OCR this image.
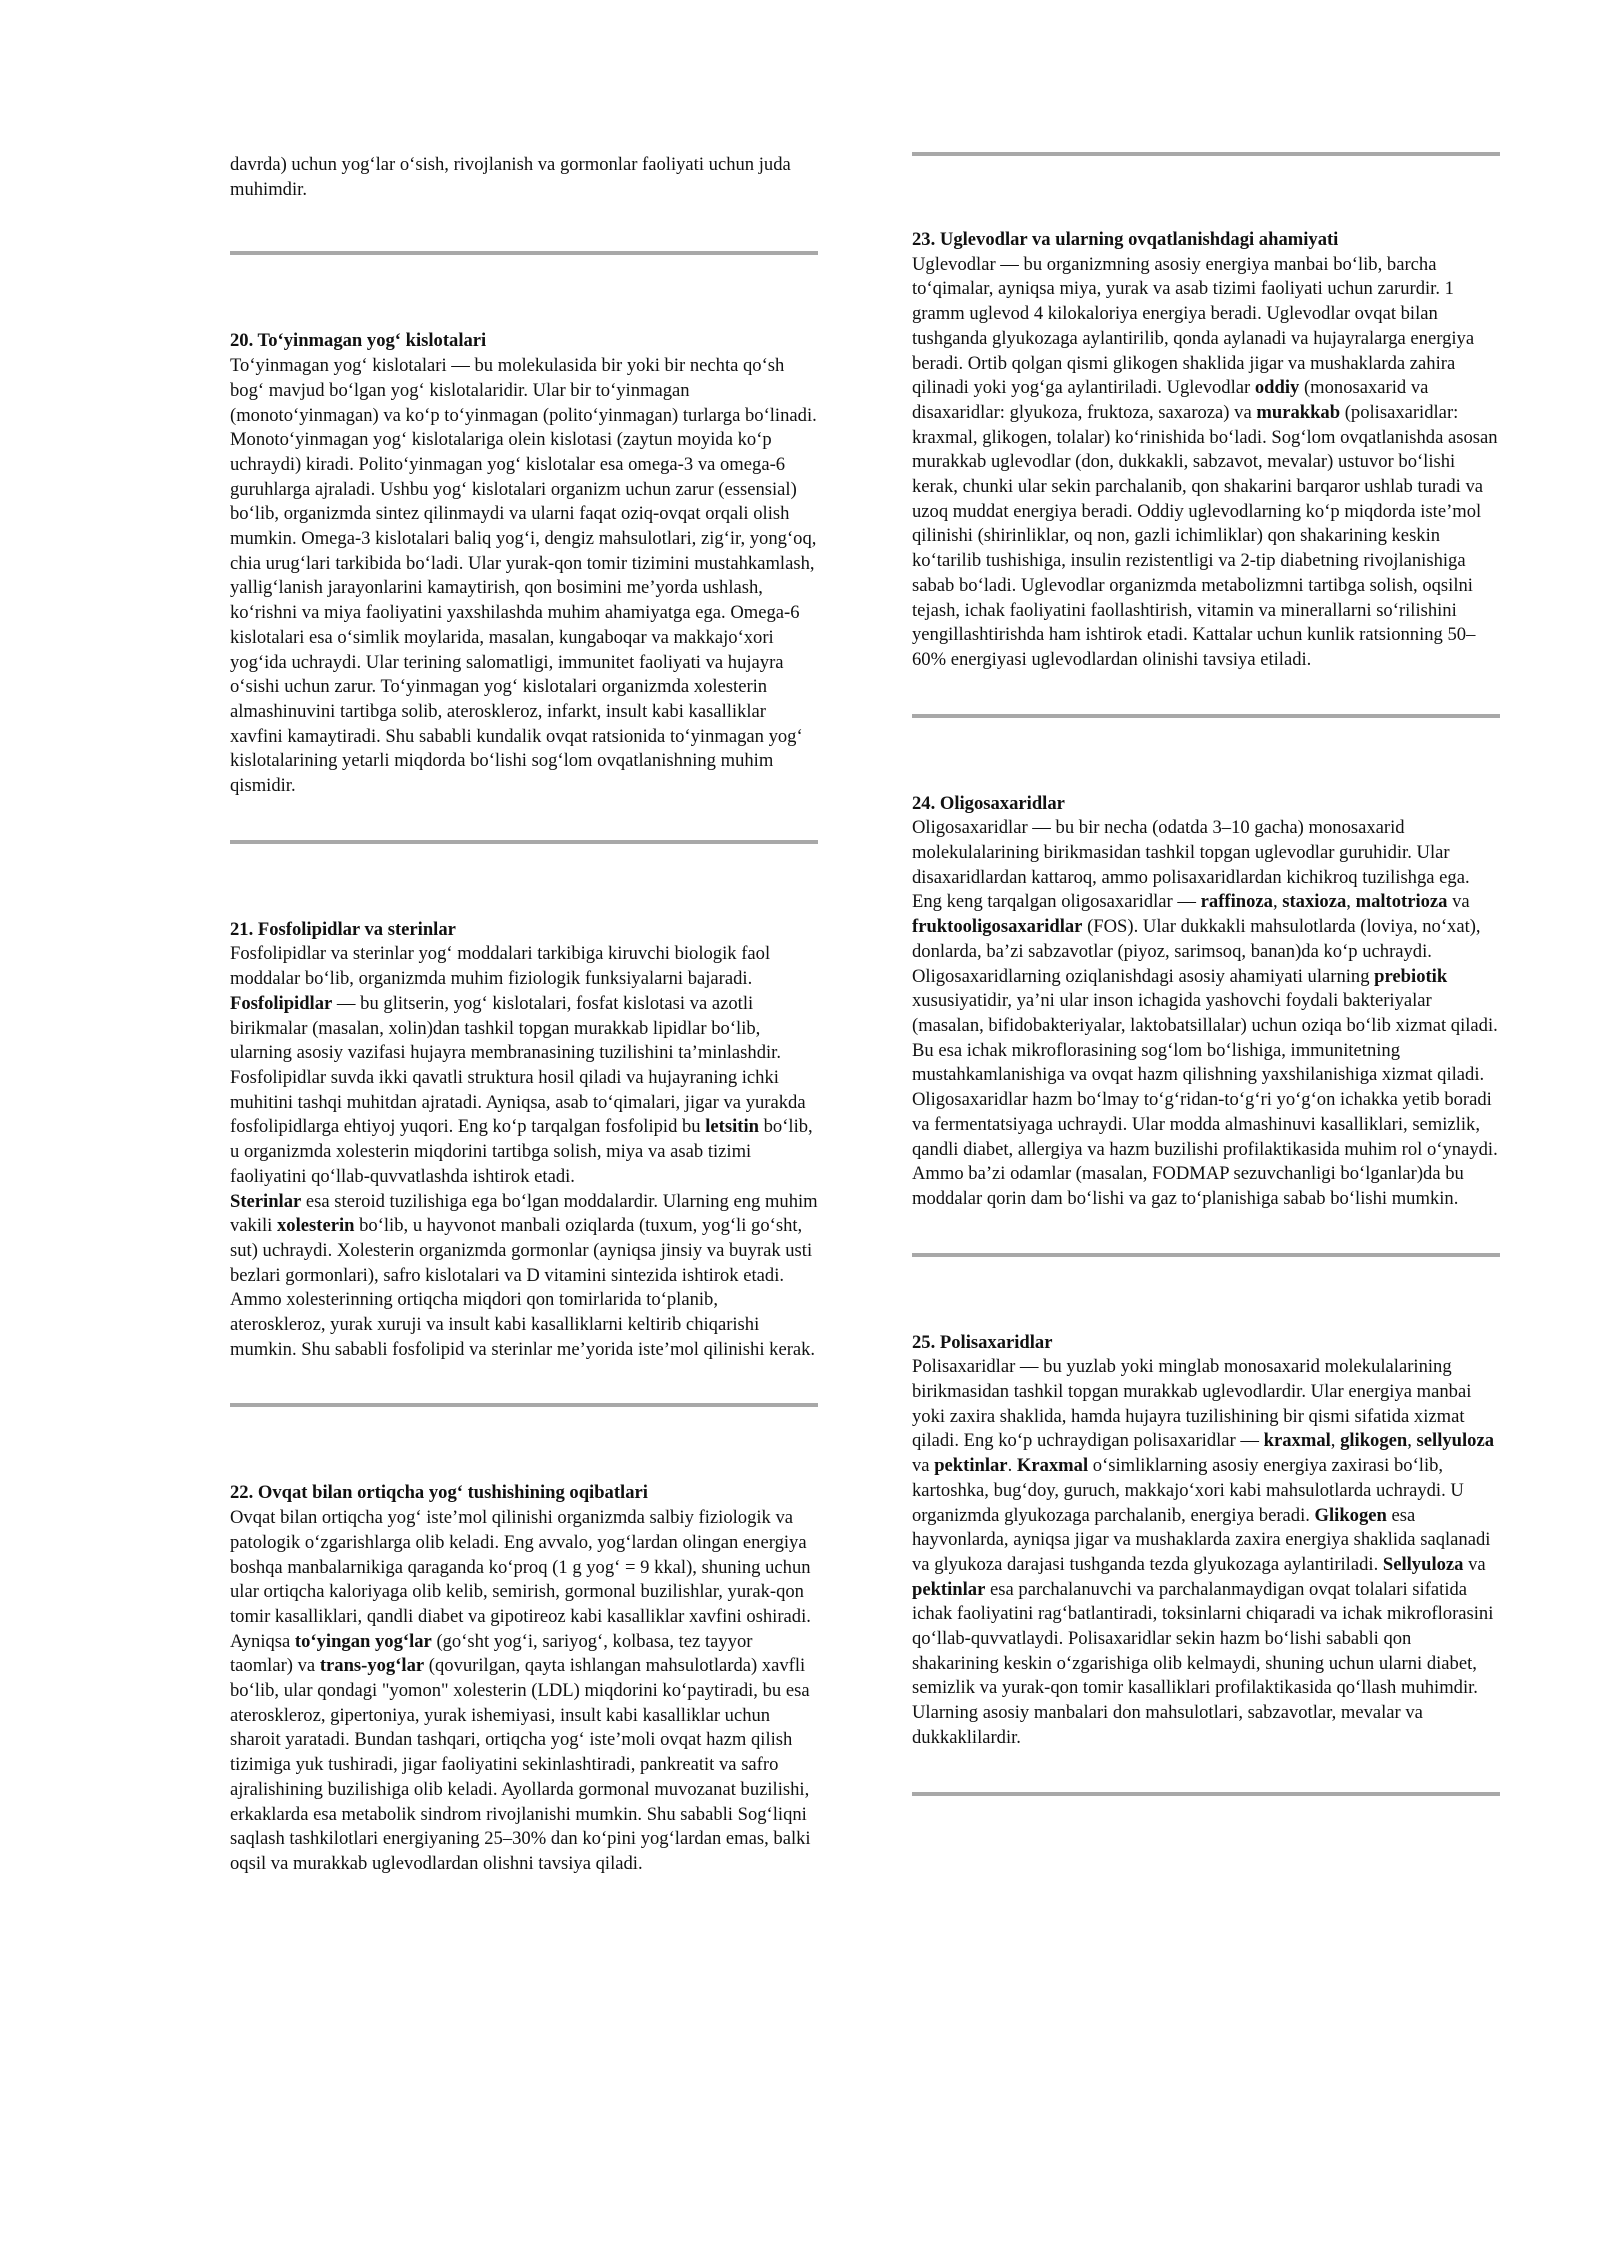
davrda) uchun yog‘lar o‘sish, rivojlanish va gormonlar faoliyati uchun juda muhimdir.

20. To‘yinmagan yog‘ kislotalari

To‘yinmagan yog‘ kislotalari — bu molekulasida bir yoki bir nechta qo‘sh bog‘ mavjud bo‘lgan yog‘ kislotalaridir. Ular bir to‘yinmagan (monoto‘yinmagan) va ko‘p to‘yinmagan (polito‘yinmagan) turlarga bo‘linadi. Monoto‘yinmagan yog‘ kislotalariga olein kislotasi (zaytun moyida ko‘p uchraydi) kiradi. Polito‘yinmagan yog‘ kislotalar esa omega-3 va omega-6 guruhlarga ajraladi. Ushbu yog‘ kislotalari organizm uchun zarur (essensial) bo‘lib, organizmda sintez qilinmaydi va ularni faqat oziq-ovqat orqali olish mumkin. Omega-3 kislotalari baliq yog‘i, dengiz mahsulotlari, zig‘ir, yong‘oq, chia urug‘lari tarkibida bo‘ladi. Ular yurak-qon tomir tizimini mustahkamlash, yallig‘lanish jarayonlarini kamaytirish, qon bosimini me’yorda ushlash, ko‘rishni va miya faoliyatini yaxshilashda muhim ahamiyatga ega. Omega-6 kislotalari esa o‘simlik moylarida, masalan, kungaboqar va makkajo‘xori yog‘ida uchraydi. Ular terining salomatligi, immunitet faoliyati va hujayra o‘sishi uchun zarur. To‘yinmagan yog‘ kislotalari organizmda xolesterin almashinuvini tartibga solib, ateroskleroz, infarkt, insult kabi kasalliklar xavfini kamaytiradi. Shu sababli kundalik ovqat ratsionida to‘yinmagan yog‘ kislotalarining yetarli miqdorda bo‘lishi sog‘lom ovqatlanishning muhim qismidir.

21. Fosfolipidlar va sterinlar

Fosfolipidlar va sterinlar yog‘ moddalari tarkibiga kiruvchi biologik faol moddalar bo‘lib, organizmda muhim fiziologik funksiyalarni bajaradi. Fosfolipidlar — bu glitserin, yog‘ kislotalari, fosfat kislotasi va azotli birikmalar (masalan, xolin)dan tashkil topgan murakkab lipidlar bo‘lib, ularning asosiy vazifasi hujayra membranasining tuzilishini ta’minlashdir. Fosfolipidlar suvda ikki qavatli struktura hosil qiladi va hujayraning ichki muhitini tashqi muhitdan ajratadi. Ayniqsa, asab to‘qimalari, jigar va yurakda fosfolipidlarga ehtiyoj yuqori. Eng ko‘p tarqalgan fosfolipid bu letsitin bo‘lib, u organizmda xolesterin miqdorini tartibga solish, miya va asab tizimi faoliyatini qo‘llab-quvvatlashda ishtirok etadi.

Sterinlar esa steroid tuzilishiga ega bo‘lgan moddalardir. Ularning eng muhim vakili xolesterin bo‘lib, u hayvonot manbali oziqlarda (tuxum, yog‘li go‘sht, sut) uchraydi. Xolesterin organizmda gormonlar (ayniqsa jinsiy va buyrak usti bezlari gormonlari), safro kislotalari va D vitamini sintezida ishtirok etadi. Ammo xolesterinning ortiqcha miqdori qon tomirlarida to‘planib, ateroskleroz, yurak xuruji va insult kabi kasalliklarni keltirib chiqarishi mumkin. Shu sababli fosfolipid va sterinlar me’yorida iste’mol qilinishi kerak.

22. Ovqat bilan ortiqcha yog‘ tushishining oqibatlari

Ovqat bilan ortiqcha yog‘ iste’mol qilinishi organizmda salbiy fiziologik va patologik o‘zgarishlarga olib keladi. Eng avvalo, yog‘lardan olingan energiya boshqa manbalarnikiga qaraganda ko‘proq (1 g yog‘ = 9 kkal), shuning uchun ular ortiqcha kaloriyaga olib kelib, semirish, gormonal buzilishlar, yurak-qon tomir kasalliklari, qandli diabet va gipotireoz kabi kasalliklar xavfini oshiradi. Ayniqsa to‘yingan yog‘lar (go‘sht yog‘i, sariyog‘, kolbasa, tez tayyor taomlar) va trans-yog‘lar (qovurilgan, qayta ishlangan mahsulotlarda) xavfli bo‘lib, ular qondagi "yomon" xolesterin (LDL) miqdorini ko‘paytiradi, bu esa ateroskleroz, gipertoniya, yurak ishemiyasi, insult kabi kasalliklar uchun sharoit yaratadi. Bundan tashqari, ortiqcha yog‘ iste’moli ovqat hazm qilish tizimiga yuk tushiradi, jigar faoliyatini sekinlashtiradi, pankreatit va safro ajralishining buzilishiga olib keladi. Ayollarda gormonal muvozanat buzilishi, erkaklarda esa metabolik sindrom rivojlanishi mumkin. Shu sababli Sog‘liqni saqlash tashkilotlari energiyaning 25–30% dan ko‘pini yog‘lardan emas, balki oqsil va murakkab uglevodlardan olishni tavsiya qiladi.

23. Uglevodlar va ularning ovqatlanishdagi ahamiyati

Uglevodlar — bu organizmning asosiy energiya manbai bo‘lib, barcha to‘qimalar, ayniqsa miya, yurak va asab tizimi faoliyati uchun zarurdir. 1 gramm uglevod 4 kilokaloriya energiya beradi. Uglevodlar ovqat bilan tushganda glyukozaga aylantirilib, qonda aylanadi va hujayralarga energiya beradi. Ortib qolgan qismi glikogen shaklida jigar va mushaklarda zahira qilinadi yoki yog‘ga aylantiriladi. Uglevodlar oddiy (monosaxarid va disaxaridlar: glyukoza, fruktoza, saxaroza) va murakkab (polisaxaridlar: kraxmal, glikogen, tolalar) ko‘rinishida bo‘ladi. Sog‘lom ovqatlanishda asosan murakkab uglevodlar (don, dukkakli, sabzavot, mevalar) ustuvor bo‘lishi kerak, chunki ular sekin parchalanib, qon shakarini barqaror ushlab turadi va uzoq muddat energiya beradi. Oddiy uglevodlarning ko‘p miqdorda iste’mol qilinishi (shirinliklar, oq non, gazli ichimliklar) qon shakarining keskin ko‘tarilib tushishiga, insulin rezistentligi va 2-tip diabetning rivojlanishiga sabab bo‘ladi. Uglevodlar organizmda metabolizmni tartibga solish, oqsilni tejash, ichak faoliyatini faollashtirish, vitamin va minerallarni so‘rilishini yengillashtirishda ham ishtirok etadi. Kattalar uchun kunlik ratsionning 50–60% energiyasi uglevodlardan olinishi tavsiya etiladi.

24. Oligosaxaridlar

Oligosaxaridlar — bu bir necha (odatda 3–10 gacha) monosaxarid molekulalarining birikmasidan tashkil topgan uglevodlar guruhidir. Ular disaxaridlardan kattaroq, ammo polisaxaridlardan kichikroq tuzilishga ega. Eng keng tarqalgan oligosaxaridlar — raffinoza, staxioza, maltotrioza va fruktooligosaxaridlar (FOS). Ular dukkakli mahsulotlarda (loviya, no‘xat), donlarda, ba’zi sabzavotlar (piyoz, sarimsoq, banan)da ko‘p uchraydi. Oligosaxaridlarning oziqlanishdagi asosiy ahamiyati ularning prebiotik xususiyatidir, ya’ni ular inson ichagida yashovchi foydali bakteriyalar (masalan, bifidobakteriyalar, laktobatsillalar) uchun oziqa bo‘lib xizmat qiladi. Bu esa ichak mikroflorasining sog‘lom bo‘lishiga, immunitetning mustahkamlanishiga va ovqat hazm qilishning yaxshilanishiga xizmat qiladi. Oligosaxaridlar hazm bo‘lmay to‘g‘ridan-to‘g‘ri yo‘g‘on ichakka yetib boradi va fermentatsiyaga uchraydi. Ular modda almashinuvi kasalliklari, semizlik, qandli diabet, allergiya va hazm buzilishi profilaktikasida muhim rol o‘ynaydi. Ammo ba’zi odamlar (masalan, FODMAP sezuvchanligi bo‘lganlar)da bu moddalar qorin dam bo‘lishi va gaz to‘planishiga sabab bo‘lishi mumkin.

25. Polisaxaridlar

Polisaxaridlar — bu yuzlab yoki minglab monosaxarid molekulalarining birikmasidan tashkil topgan murakkab uglevodlardir. Ular energiya manbai yoki zaxira shaklida, hamda hujayra tuzilishining bir qismi sifatida xizmat qiladi. Eng ko‘p uchraydigan polisaxaridlar — kraxmal, glikogen, sellyuloza va pektinlar. Kraxmal o‘simliklarning asosiy energiya zaxirasi bo‘lib, kartoshka, bug‘doy, guruch, makkajo‘xori kabi mahsulotlarda uchraydi. U organizmda glyukozaga parchalanib, energiya beradi. Glikogen esa hayvonlarda, ayniqsa jigar va mushaklarda zaxira energiya shaklida saqlanadi va glyukoza darajasi tushganda tezda glyukozaga aylantiriladi. Sellyuloza va pektinlar esa parchalanuvchi va parchalanmaydigan ovqat tolalari sifatida ichak faoliyatini rag‘batlantiradi, toksinlarni chiqaradi va ichak mikroflorasini qo‘llab-quvvatlaydi. Polisaxaridlar sekin hazm bo‘lishi sababli qon shakarining keskin o‘zgarishiga olib kelmaydi, shuning uchun ularni diabet, semizlik va yurak-qon tomir kasalliklari profilaktikasida qo‘llash muhimdir. Ularning asosiy manbalari don mahsulotlari, sabzavotlar, mevalar va dukkaklilardir.
